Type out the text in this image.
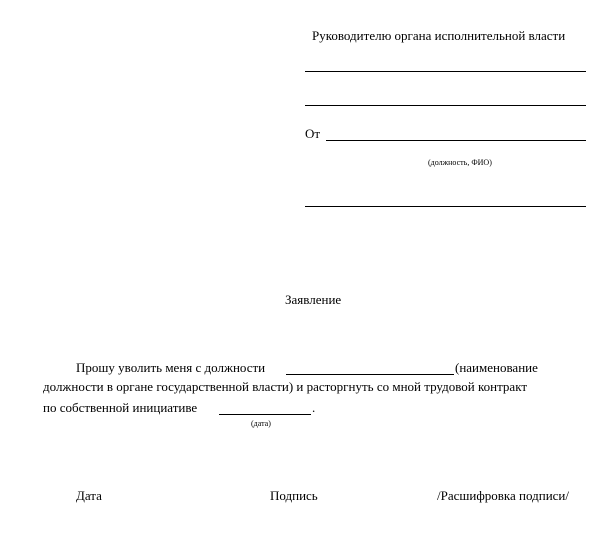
Руководителю органа исполнительной власти
От
(должность, ФИО)
Заявление
Прошу уволить меня с должности	(наименование
должности в органе государственной власти) и расторгнуть со мной трудовой контракт
по собственной инициативе	.
(дата)
Дата	Подпись	/Расшифровка подписи/
